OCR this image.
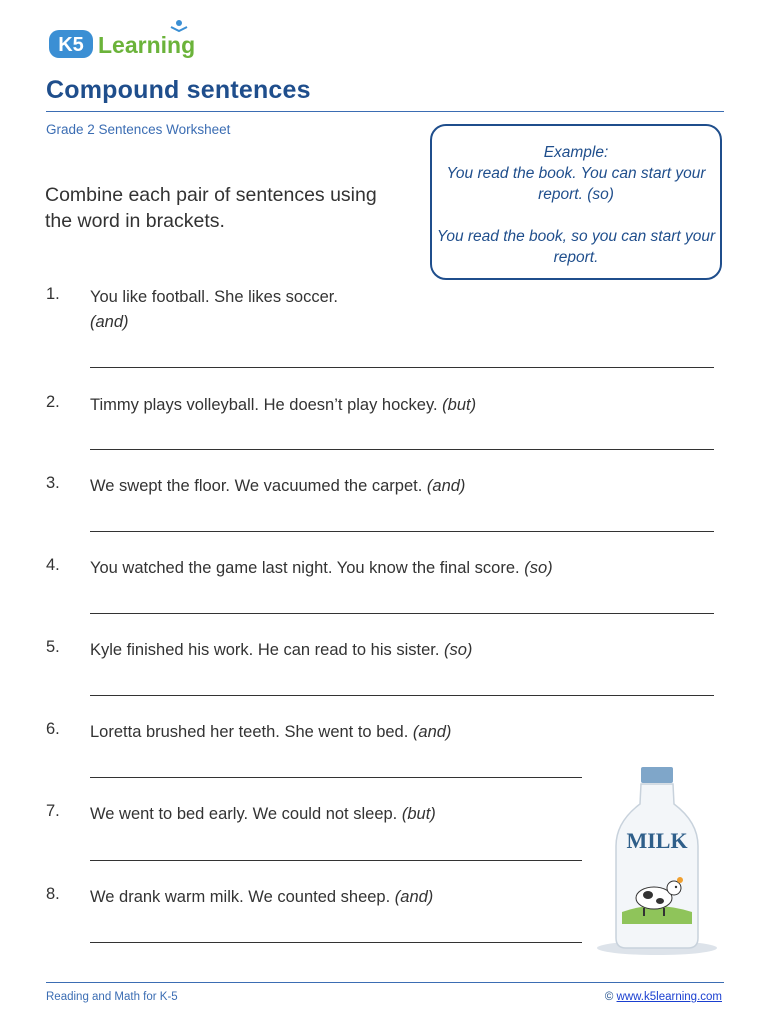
K5 Learning
Compound sentences
Grade 2 Sentences Worksheet
Combine each pair of sentences using the word in brackets.

Example:

You read the book. You can start your report. (so)

You read the book, so you can start your report.

1. You like football. She likes soccer.
(and)
2. Timmy plays volleyball. He doesn’t play hockey. (but)
3. We swept the floor. We vacuumed the carpet. (and)
4. You watched the game last night. You know the final score. (so)
5. Kyle finished his work. He can read to his sister. (so)
6. Loretta brushed her teeth. She went to bed. (and)
7. We went to bed early. We could not sleep. (but)
8. We drank warm milk. We counted sheep. (and)
MILK
Reading and Math for K-5	© www.k5learning.com
